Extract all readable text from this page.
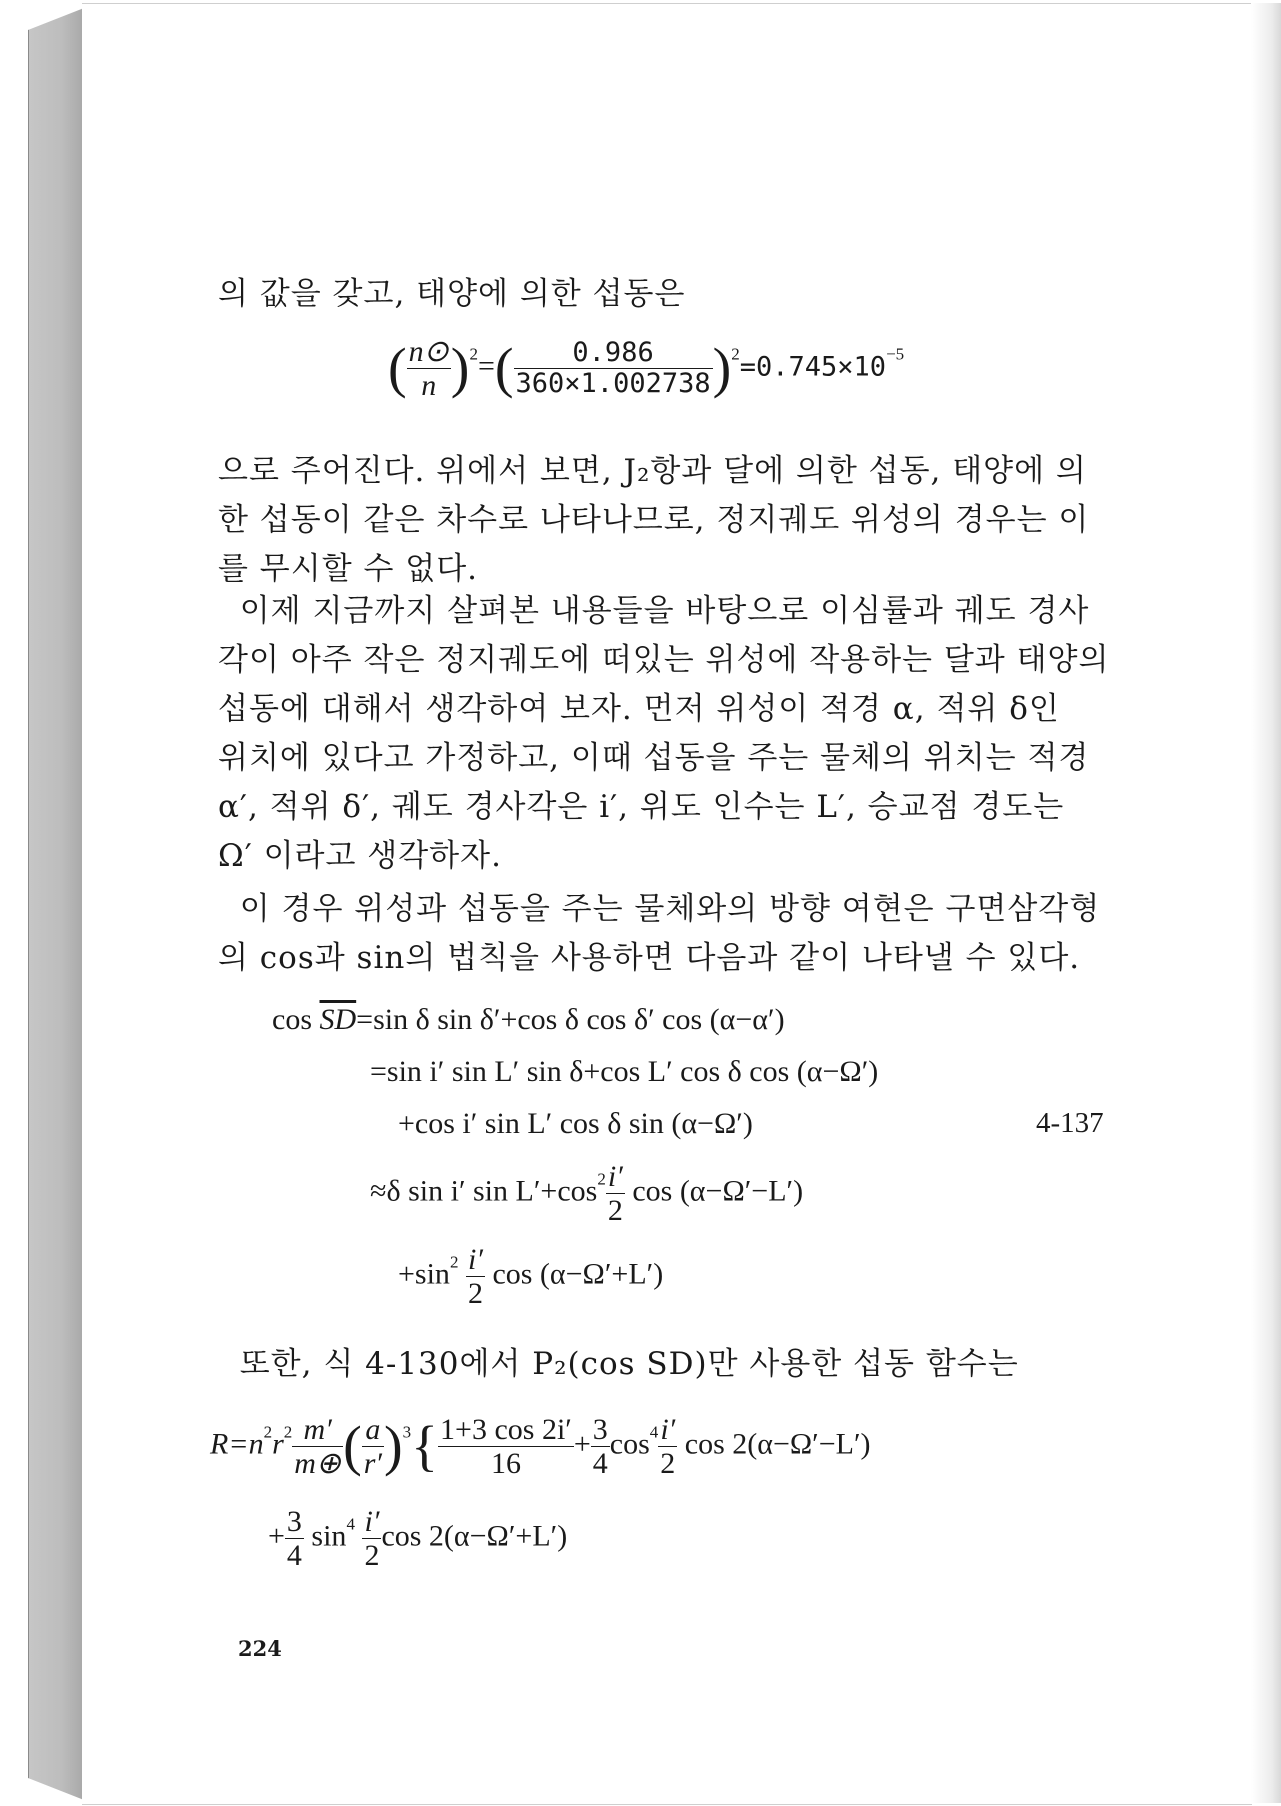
의 값을 갖고, 태양에 의한 섭동은

( $\frac{n⊙}{n} )^2=( \frac{0.986}{360\times 1.002738} )^2=0.745\times 10^{-5}$

으로 주어진다. 위에서 보면, J₂항과 달에 의한 섭동, 태양에 의
한 섭동이 같은 차수로 나타나므로, 정지궤도 위성의 경우는 이
를 무시할 수 없다.

이제 지금까지 살펴본 내용들을 바탕으로 이심률과 궤도 경사
각이 아주 작은 정지궤도에 떠있는 위성에 작용하는 달과 태양의
섭동에 대해서 생각하여 보자. 먼저 위성이 적경 α, 적위 δ인
위치에 있다고 가정하고, 이때 섭동을 주는 물체의 위치는 적경
α′, 적위 δ′, 궤도 경사각은 i′, 위도 인수는 L′, 승교점 경도는
Ω′ 이라고 생각하자.

이 경우 위성과 섭동을 주는 물체와의 방향 여현은 구면삼각형
의 cos과 sin의 법칙을 사용하면 다음과 같이 나타낼 수 있다.

$\cos \overline{SD}=\sin$ δ sin δ′+cos δ cos δ′ cos (α−α′)
=sin i′ sin L′ sin δ+cos L′ cos δ cos (α−Ω′)
+cos i′ sin L′ cos δ sin (α−Ω′)	4-137
≈δ sin i′ $\sin L'+\cos^2 \frac{i'}{2}$ cos (α−Ω′−L′)
$+\sin^2 \frac{i'}{2}$ cos (α−Ω′+L′)

또한, 식 4-130에서 P₂(cos SD)만 사용한 섭동 함수는

$R=n^2r^2 \frac{m'}{m\oplus}$ ( $\frac{a}{r'} )^3\{ \frac{1+3 \cos 2i'}{16} + \frac{3}{4} \cos^4 \frac{i'}{2}$ cos 2(α−Ω′−L′)
+ $\frac{3}{4} \sin^4 \frac{i'}{2}$ cos 2(α−Ω′+L′)
224
